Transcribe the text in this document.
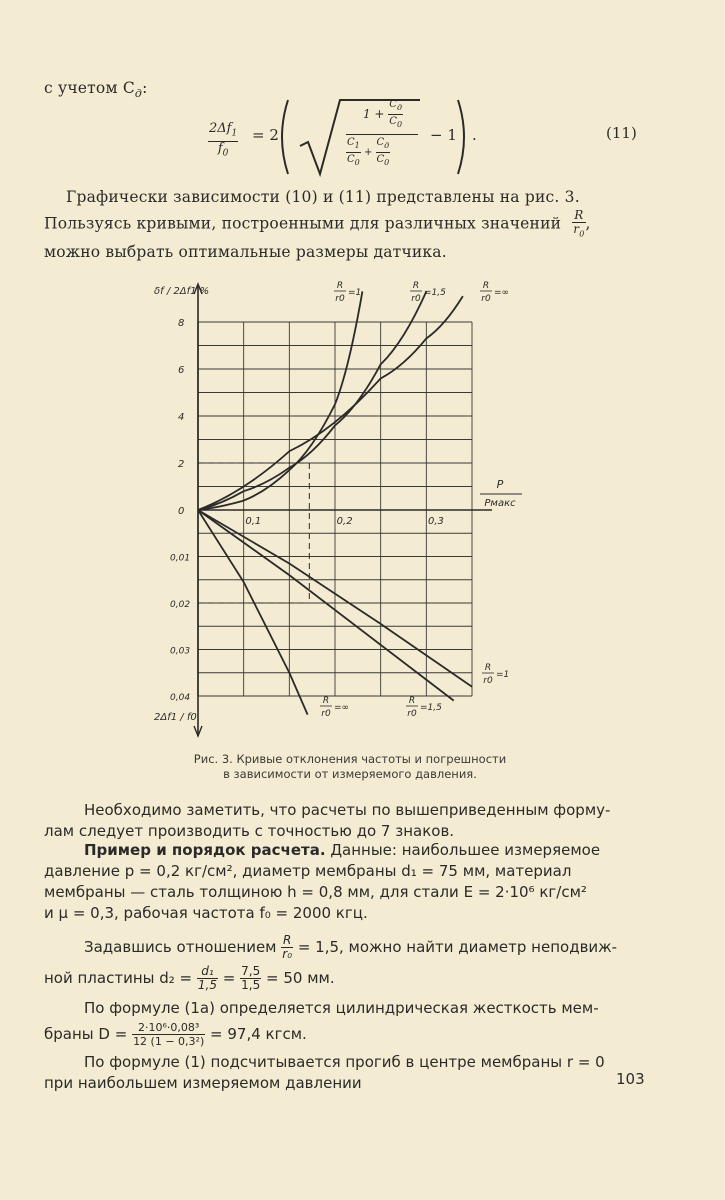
с учетом $C_д$:
$\frac{2\Delta f_1}{f_0} = 2$
$1 + \frac{C_д}{C_0}$
$\frac{C_1}{C_0} + \frac{C_д}{C_0}$
− 1 .	(11)
Графически зависимости (10) и (11) представлены на рис. 3.
Пользуясь кривыми, построенными для различных значений $\frac{R}{r_0}$ ,
можно выбрать оптимальные размеры датчика.
8
6
4
2
0
0,01
0,02
0,03
0,04
0,1	0,2	0,3
δf / 2Δf1 %
2Δf1 / f0
P
Pмакс
R
r0
=1
R
r0
=1,5
R
r0
=∞
R
r0
=1
R
r0
=1,5
R
r0
=∞
Рис. 3. Кривые отклонения частоты и погрешности
в зависимости от измеряемого давления.
Необходимо заметить, что расчеты по вышеприведенным форму-
лам следует производить с точностью до 7 знаков.
Пример и порядок расчета. Данные: наибольшее измеряемое
давление p = 0,2 кг/см², диаметр мембраны d₁ = 75 мм, материал
мембраны — сталь толщиною h = 0,8 мм, для стали E = 2·10⁶ кг/см²
и μ = 0,3, рабочая частота f₀ = 2000 кгц.
Задавшись отношением $\frac{R}{\text{r₀}} = 1,5$, можно найти диаметр неподвиж-
ной пластины $d_2 = \frac{\text{d₁}}{1,5} = \frac{7,5}{1,5} = 50$ мм.
По формуле (1а) определяется цилиндрическая жесткость мем-
браны $D = \frac{\text{2·10⁶·0,08³}}{\text{12 (1 − 0,3²)}} = 97,4$ кгсм.
По формуле (1) подсчитывается прогиб в центре мембраны r = 0
при наибольшем измеряемом давлении	103
